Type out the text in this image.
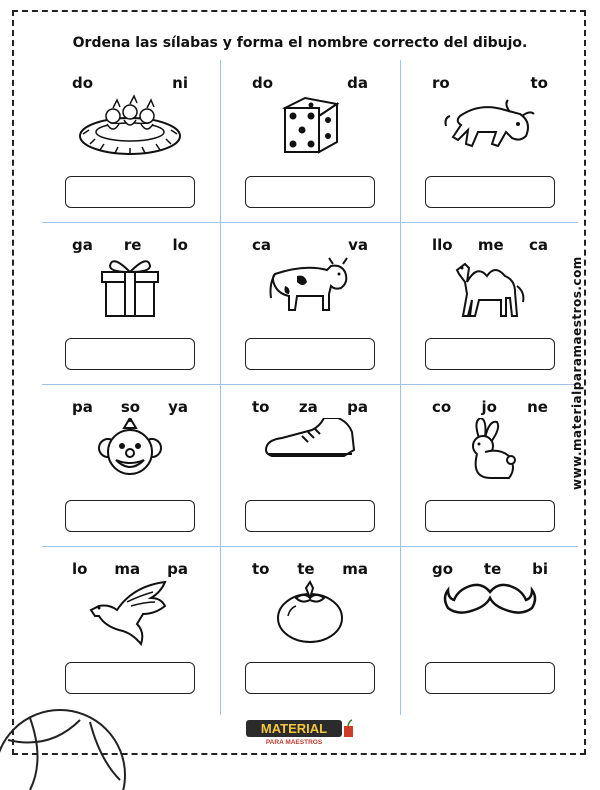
Ordena las sílabas y forma el nombre correcto del dibujo.
do	ni	do	da	ro	to
ga re lo	ca	va	llo me ca
pa so ya	to za pa	co jo ne
lo ma pa	to te ma	go te bi
www.materialparamaestros.com
MATERIAL
PARA MAESTROS
